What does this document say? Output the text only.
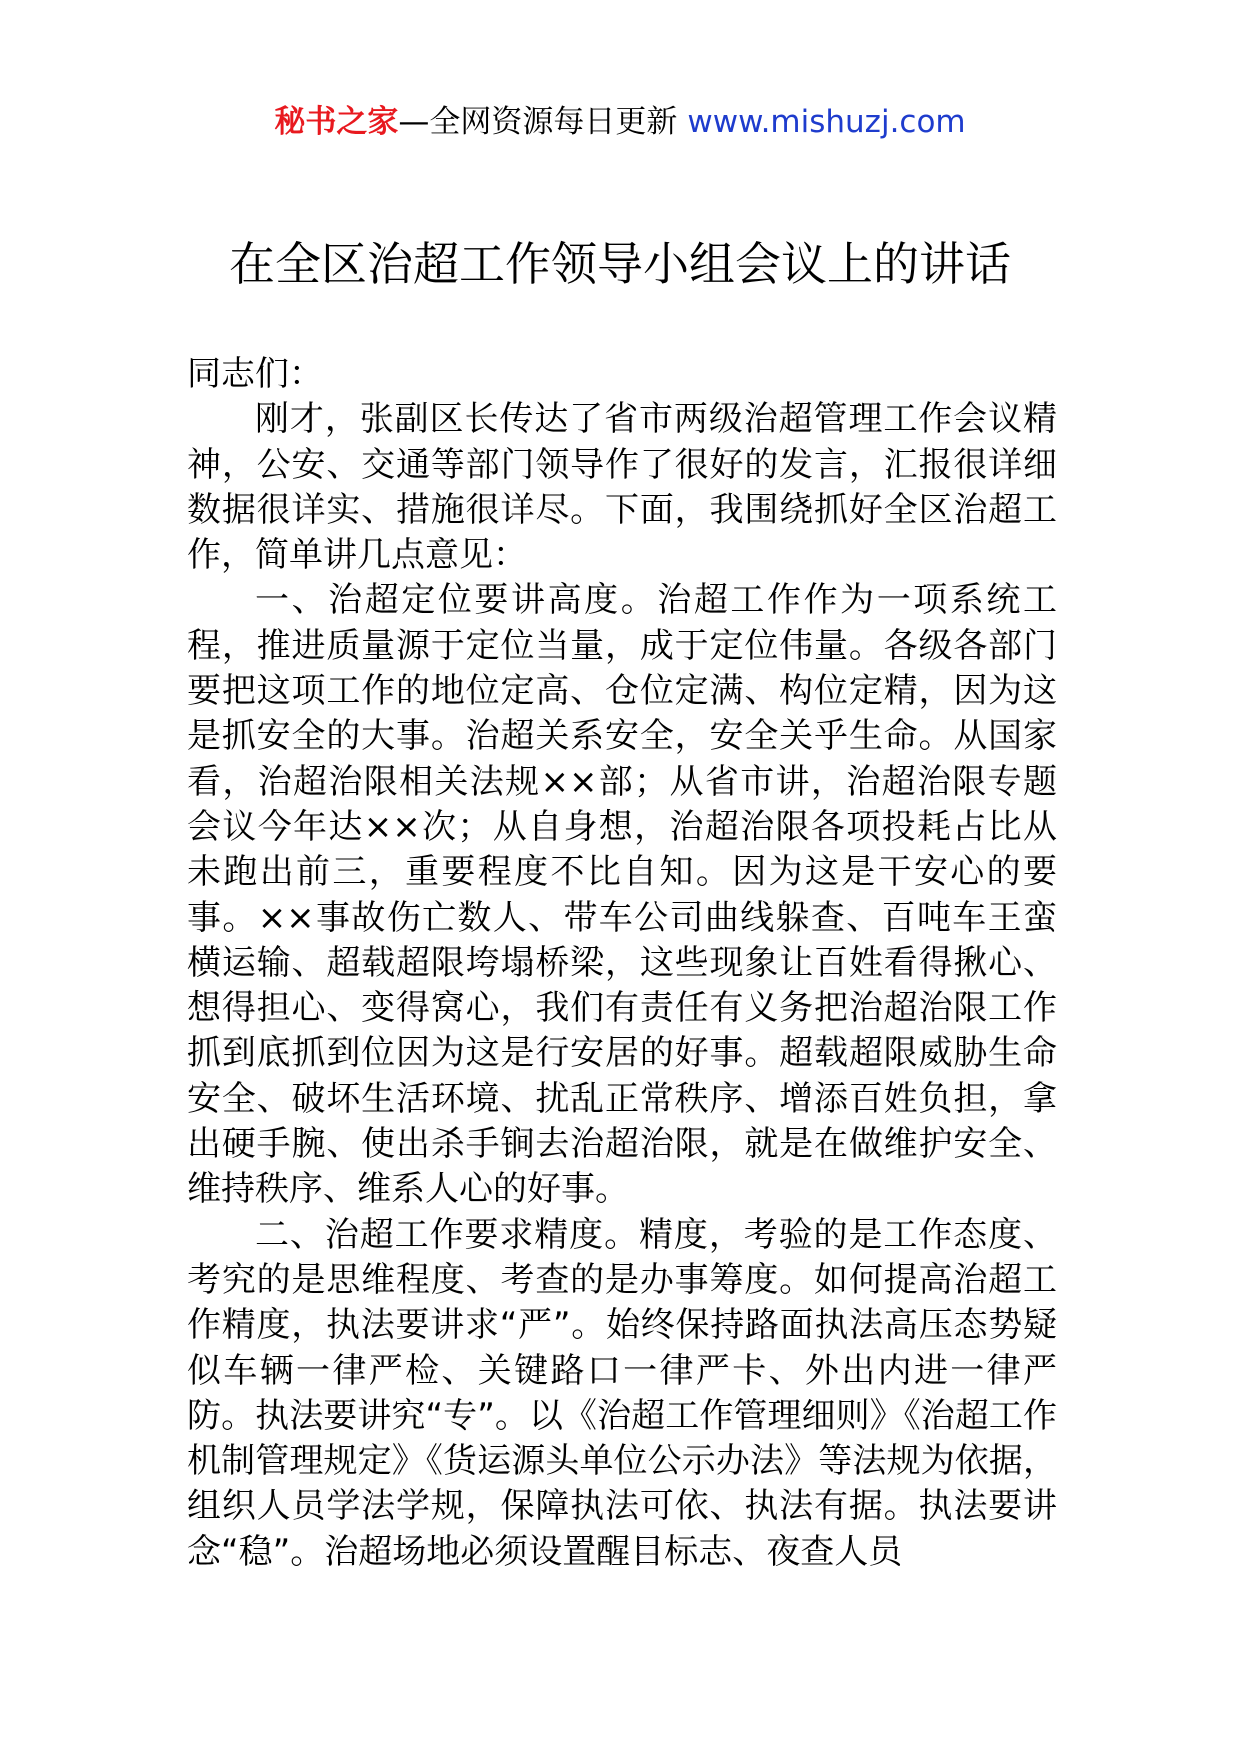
秘书之家—全网资源每日更新 www.mishuzj.com
在全区治超工作领导小组会议上的讲话

同志们：

刚才，张副区长传达了省市两级治超管理工作会议精神，公安、交通等部门领导作了很好的发言，汇报很详细数据很详实、措施很详尽。下面，我围绕抓好全区治超工作，简单讲几点意见：

一、治超定位要讲高度。治超工作作为一项系统工程，推进质量源于定位当量，成于定位伟量。各级各部门要把这项工作的地位定高、仓位定满、构位定精，因为这是抓安全的大事。治超关系安全，安全关乎生命。从国家看，治超治限相关法规××部；从省市讲，治超治限专题会议今年达××次；从自身想，治超治限各项投耗占比从未跑出前三，重要程度不比自知。因为这是干安心的要事。××事故伤亡数人、带车公司曲线躲查、百吨车王蛮横运输、超载超限垮塌桥梁，这些现象让百姓看得揪心、想得担心、变得窝心，我们有责任有义务把治超治限工作抓到底抓到位因为这是行安居的好事。超载超限威胁生命安全、破坏生活环境、扰乱正常秩序、增添百姓负担，拿出硬手腕、使出杀手锏去治超治限，就是在做维护安全、维持秩序、维系人心的好事。

二、治超工作要求精度。精度，考验的是工作态度、考究的是思维程度、考查的是办事筹度。如何提高治超工作精度，执法要讲求“严”。始终保持路面执法高压态势疑似车辆一律严检、关键路口一律严卡、外出内进一律严防。执法要讲究“专”。以《治超工作管理细则》《治超工作机制管理规定》《货运源头单位公示办法》等法规为依据，组织人员学法学规，保障执法可依、执法有据。执法要讲念“稳”。治超场地必须设置醒目标志、夜查人员
